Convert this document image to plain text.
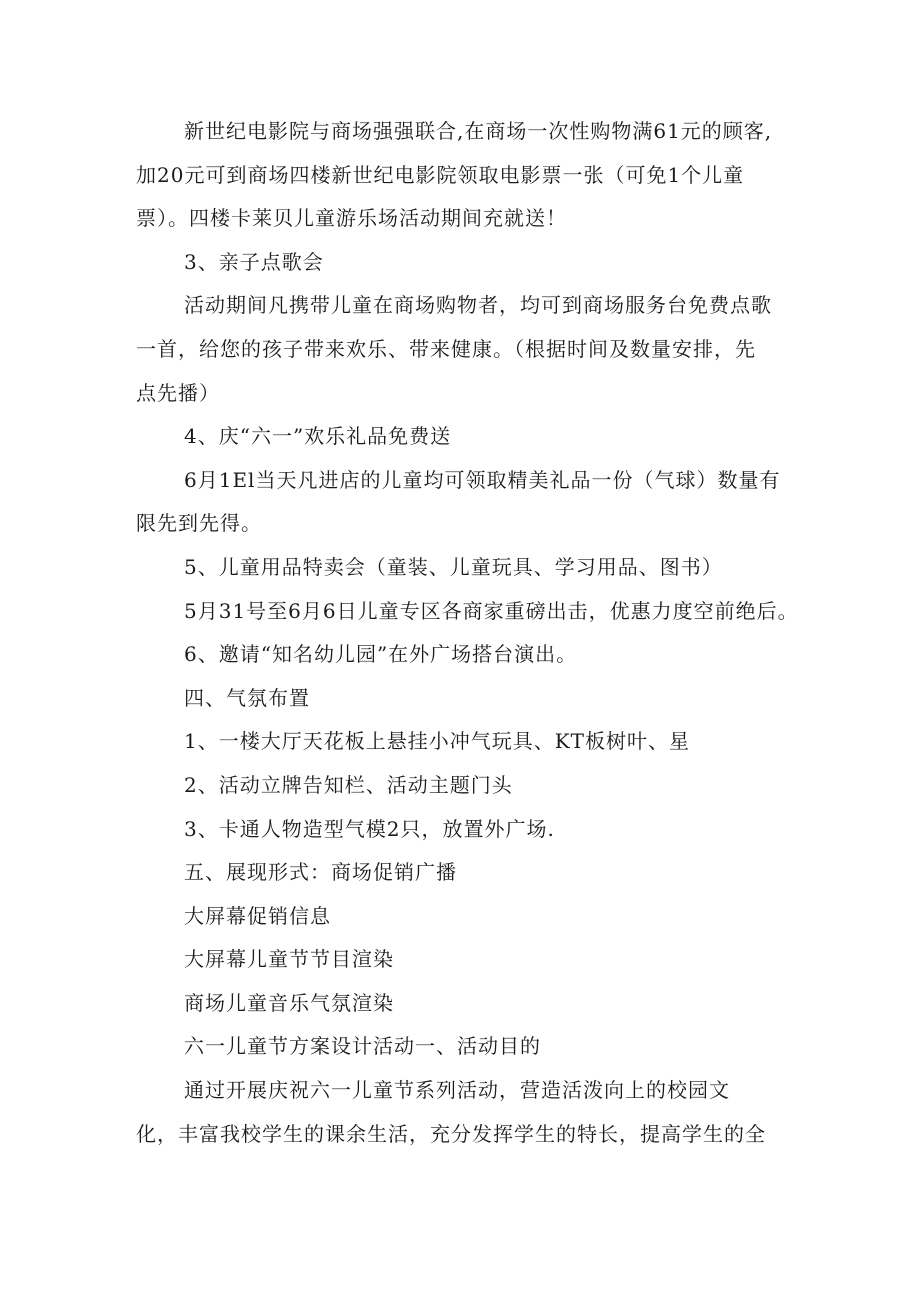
新世纪电影院与商场强强联合,在商场一次性购物满61元的顾客,
加20元可到商场四楼新世纪电影院领取电影票一张（可免1个儿童
票）。四楼卡莱贝儿童游乐场活动期间充就送！
3、亲子点歌会
活动期间凡携带儿童在商场购物者，均可到商场服务台免费点歌
一首，给您的孩子带来欢乐、带来健康。（根据时间及数量安排，先
点先播）
4、庆“六一”欢乐礼品免费送
6月1El当天凡进店的儿童均可领取精美礼品一份（气球）数量有
限先到先得。
5、儿童用品特卖会（童装、儿童玩具、学习用品、图书）
5月31号至6月6日儿童专区各商家重磅出击，优惠力度空前绝后。
6、邀请“知名幼儿园”在外广场搭台演出。
四、气氛布置
1、一楼大厅天花板上悬挂小冲气玩具、KT板树叶、星
2、活动立牌告知栏、活动主题门头
3、卡通人物造型气模2只，放置外广场.
五、展现形式：商场促销广播
大屏幕促销信息
大屏幕儿童节节目渲染
商场儿童音乐气氛渲染
六一儿童节方案设计活动一、活动目的
通过开展庆祝六一儿童节系列活动，营造活泼向上的校园文
化，丰富我校学生的课余生活，充分发挥学生的特长，提高学生的全
